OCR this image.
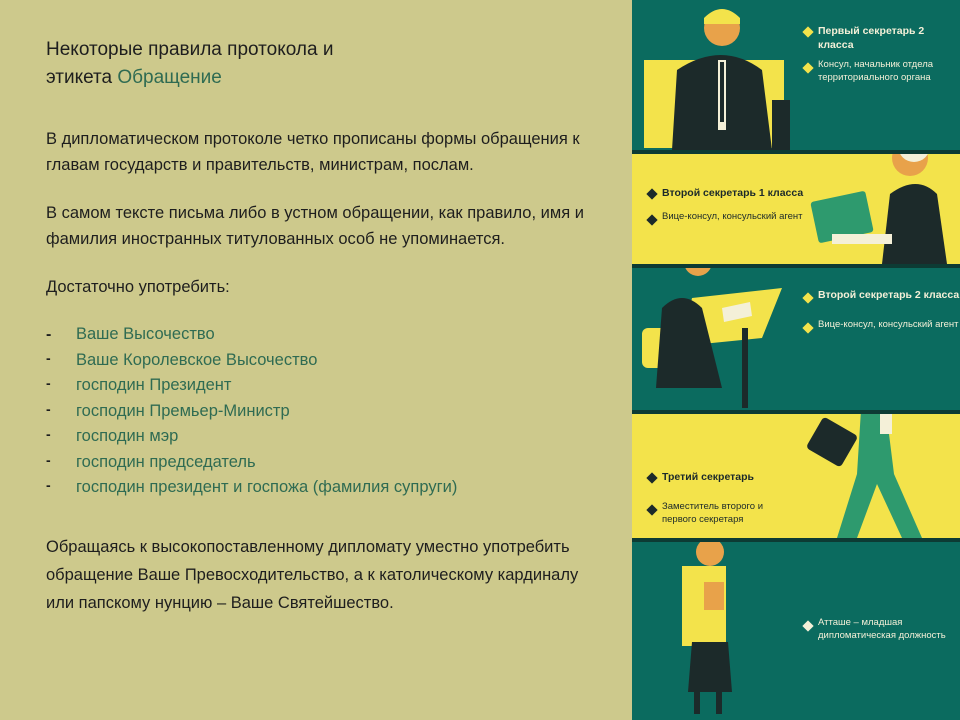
Некоторые правила протокола и
этикета Обращение

В дипломатическом протоколе четко прописаны формы обращения к главам государств и правительств, министрам, послам.

В самом тексте письма либо в устном обращении, как правило, имя и фамилия иностранных титулованных особ не упоминается.

Достаточно употребить:

- Ваше Высочество
- Ваше Королевское Высочество
- господин Президент
- господин Премьер-Министр
- господин мэр
- господин председатель
- господин президент и госпожа (фамилия супруги)

Обращаясь к высокопоставленному дипломату уместно употребить обращение Ваше Превосходительство, а к католическому кардиналу или папскому нунцию – Ваше Святейшество.

Первый секретарь 2 класса
Консул, начальник отдела территориального органа
Второй секретарь 1 класса
Вице-консул, консульский агент
Второй секретарь 2 класса
Вице-консул, консульский агент
Третий секретарь
Заместитель второго и первого секретаря
Атташе – младшая дипломатическая должность
